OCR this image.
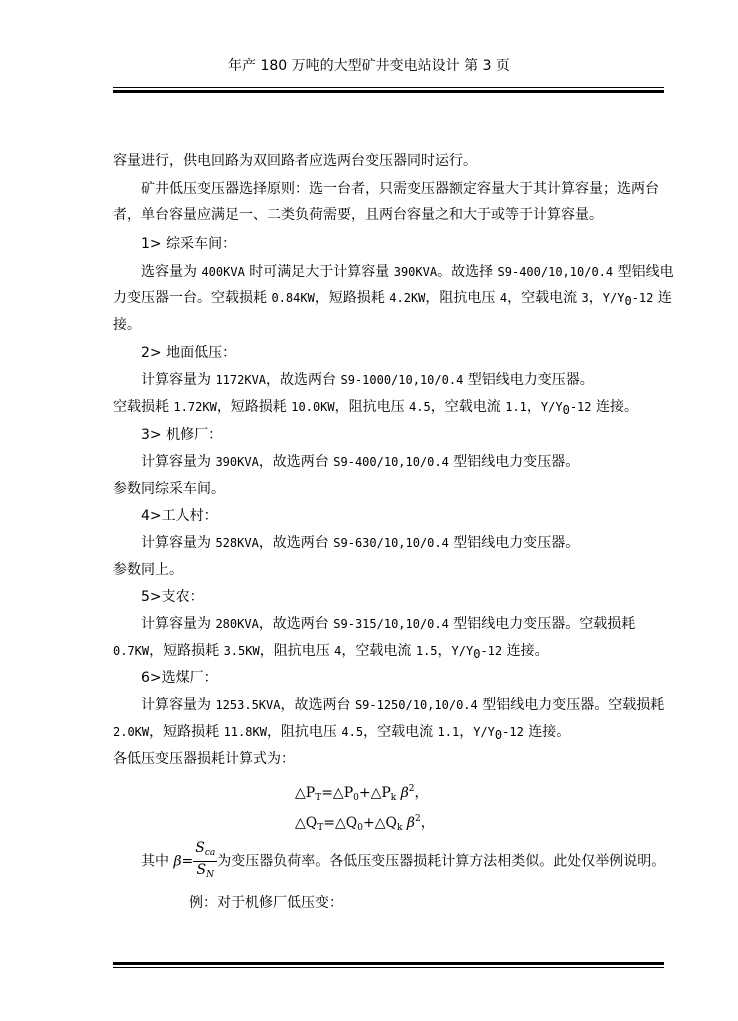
年产 180 万吨的大型矿井变电站设计 第 3 页
容量进行，供电回路为双回路者应选两台变压器同时运行。
矿井低压变压器选择原则：选一台者，只需变压器额定容量大于其计算容量；选两台
者，单台容量应满足一、二类负荷需要，且两台容量之和大于或等于计算容量。
1> 综采车间：
选容量为 400KVA 时可满足大于计算容量 390KVA。故选择 S9-400/10,10/0.4 型铝线电
力变压器一台。空载损耗 0.84KW，短路损耗 4.2KW，阻抗电压 4，空载电流 3，$Y/Y_0-12$ 连
接。
2> 地面低压：
计算容量为 1172KVA，故选两台 S9-1000/10,10/0.4 型铝线电力变压器。
空载损耗 1.72KW，短路损耗 10.0KW，阻抗电压 4.5，空载电流 1.1，$Y/Y_0-12$ 连接。
3> 机修厂：
计算容量为 390KVA，故选两台 S9-400/10,10/0.4 型铝线电力变压器。
参数同综采车间。
4>工人村：
计算容量为 528KVA，故选两台 S9-630/10,10/0.4 型铝线电力变压器。
参数同上。
5>支农：
计算容量为 280KVA，故选两台 S9-315/10,10/0.4 型铝线电力变压器。空载损耗
0.7KW，短路损耗 3.5KW，阻抗电压 4，空载电流 1.5，$Y/Y_0-12$ 连接。
6>选煤厂：
计算容量为 1253.5KVA，故选两台 S9-1250/10,10/0.4 型铝线电力变压器。空载损耗
2.0KW，短路损耗 11.8KW，阻抗电压 4.5，空载电流 1.1，$Y/Y_0-12$ 连接。
各低压变压器损耗计算式为：
$\triangle P_T=\triangle P_0+\triangle P_k$ $\beta^2$，
$\triangle Q_T=\triangle Q_0+\triangle Q_k$ $\beta^2$，
其中 $\beta= \frac{S_{ca}}{S_N}$ 为变压器负荷率。各低压变压器损耗计算方法相类似。此处仅举例说明。
例：对于机修厂低压变：
